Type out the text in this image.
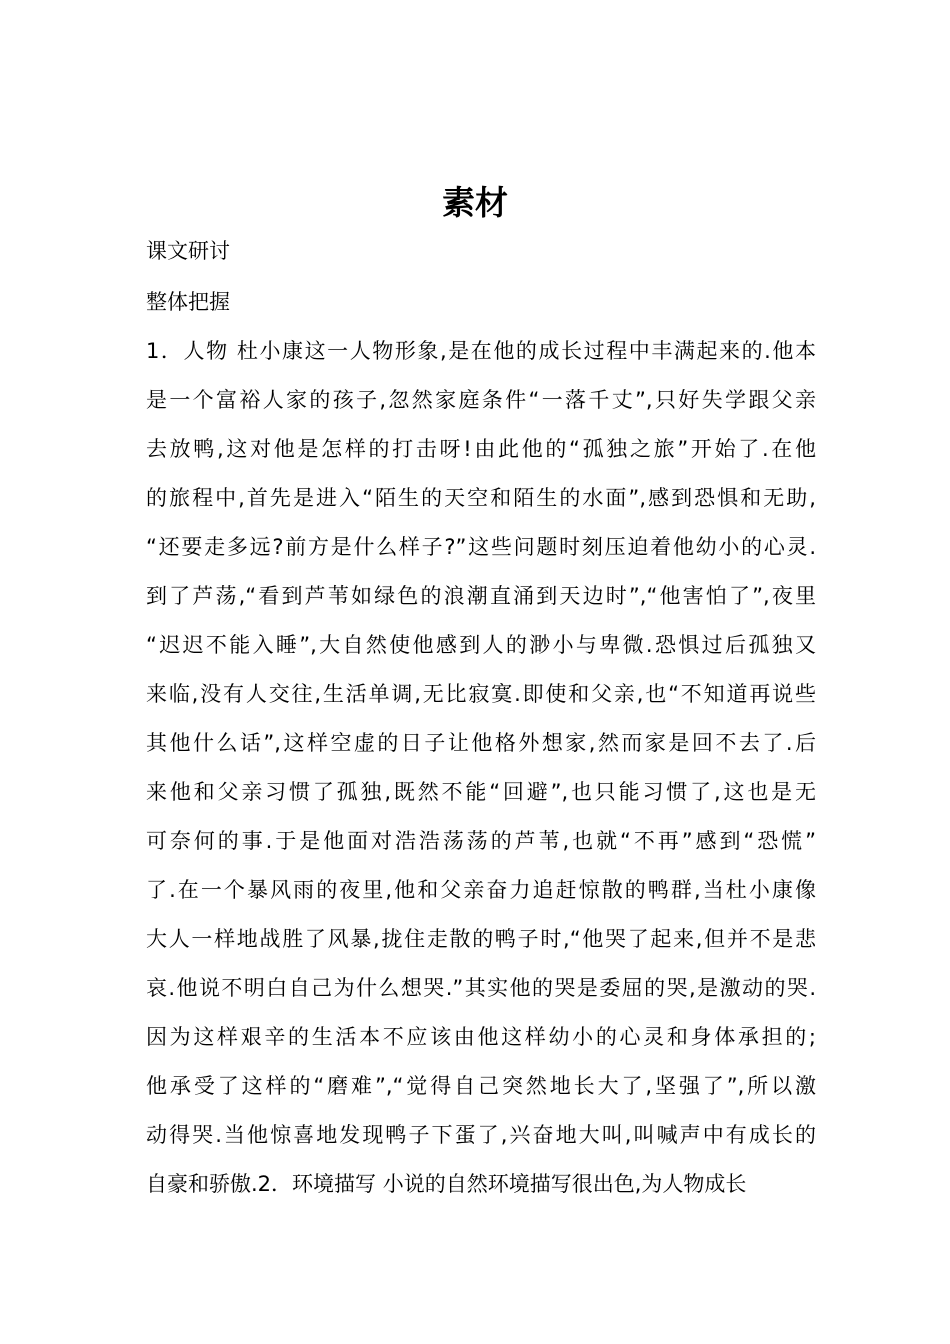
素材

课文研讨

整体把握

1．人物 杜小康这一人物形象,是在他的成长过程中丰满起来的.他本
是一个富裕人家的孩子,忽然家庭条件“一落千丈”,只好失学跟父亲
去放鸭,这对他是怎样的打击呀!由此他的“孤独之旅”开始了.在他
的旅程中,首先是进入“陌生的天空和陌生的水面”,感到恐惧和无助,
“还要走多远?前方是什么样子?”这些问题时刻压迫着他幼小的心灵.
到了芦荡,“看到芦苇如绿色的浪潮直涌到天边时”,“他害怕了”,夜里
“迟迟不能入睡”,大自然使他感到人的渺小与卑微.恐惧过后孤独又
来临,没有人交往,生活单调,无比寂寞.即使和父亲,也“不知道再说些
其他什么话”,这样空虚的日子让他格外想家,然而家是回不去了.后
来他和父亲习惯了孤独,既然不能“回避”,也只能习惯了,这也是无
可奈何的事.于是他面对浩浩荡荡的芦苇,也就“不再”感到“恐慌”
了.在一个暴风雨的夜里,他和父亲奋力追赶惊散的鸭群,当杜小康像
大人一样地战胜了风暴,拢住走散的鸭子时,“他哭了起来,但并不是悲
哀.他说不明白自己为什么想哭.”其实他的哭是委屈的哭,是激动的哭.
因为这样艰辛的生活本不应该由他这样幼小的心灵和身体承担的;
他承受了这样的“磨难”,“觉得自己突然地长大了,坚强了”,所以激
动得哭.当他惊喜地发现鸭子下蛋了,兴奋地大叫,叫喊声中有成长的
自豪和骄傲.2．环境描写 小说的自然环境描写很出色,为人物成长
